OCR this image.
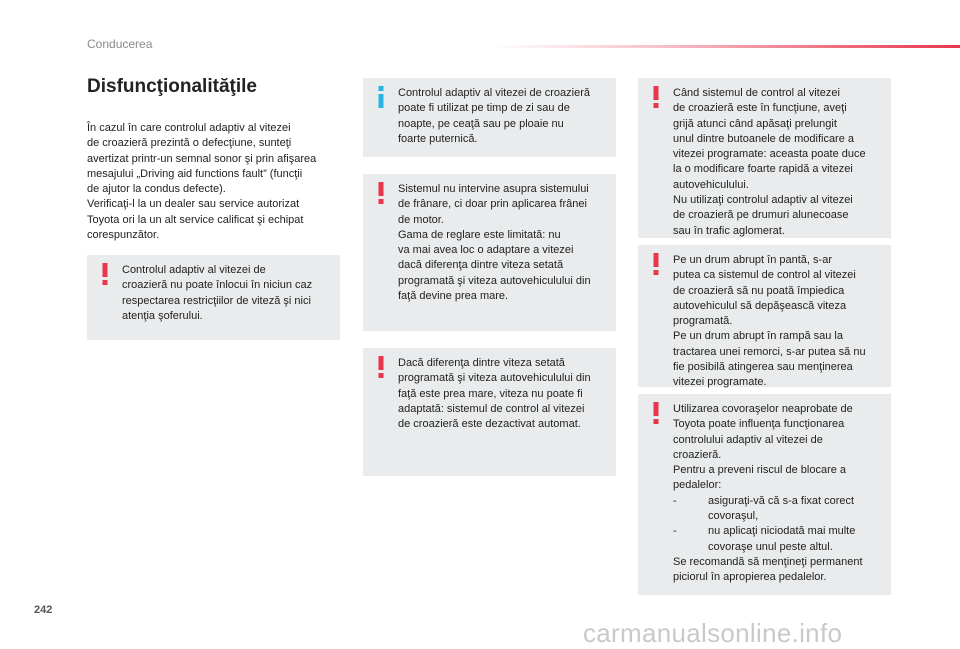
Conducerea
Disfuncţionalităţile
În cazul în care controlul adaptiv al vitezei
de croazieră prezintă o defecţiune, sunteţi
avertizat printr-un semnal sonor şi prin afişarea
mesajului „Driving aid functions fault” (funcţii
de ajutor la condus defecte).
Verificaţi-l la un dealer sau service autorizat
Toyota ori la un alt service calificat şi echipat
corespunzător.
Controlul adaptiv al vitezei de
croazieră nu poate înlocui în niciun caz
respectarea restricţiilor de viteză şi nici
atenţia şoferului.
Controlul adaptiv al vitezei de croazieră
poate fi utilizat pe timp de zi sau de
noapte, pe ceaţă sau pe ploaie nu
foarte puternică.
Sistemul nu intervine asupra sistemului
de frânare, ci doar prin aplicarea frânei
de motor.
Gama de reglare este limitată: nu
va mai avea loc o adaptare a vitezei
dacă diferenţa dintre viteza setată
programată şi viteza autovehiculului din
faţă devine prea mare.
Dacă diferenţa dintre viteza setată
programată şi viteza autovehiculului din
faţă este prea mare, viteza nu poate fi
adaptată: sistemul de control al vitezei
de croazieră este dezactivat automat.
Când sistemul de control al vitezei
de croazieră este în funcţiune, aveţi
grijă atunci când apăsaţi prelungit
unul dintre butoanele de modificare a
vitezei programate: aceasta poate duce
la o modificare foarte rapidă a vitezei
autovehiculului.
Nu utilizaţi controlul adaptiv al vitezei
de croazieră pe drumuri alunecoase
sau în trafic aglomerat.
Pe un drum abrupt în pantă, s-ar
putea ca sistemul de control al vitezei
de croazieră să nu poată împiedica
autovehiculul să depăşească viteza
programată.
Pe un drum abrupt în rampă sau la
tractarea unei remorci, s-ar putea să nu
fie posibilă atingerea sau menţinerea
vitezei programate.
Utilizarea covoraşelor neaprobate de
Toyota poate influenţa funcţionarea
controlului adaptiv al vitezei de
croazieră.
Pentru a preveni riscul de blocare a
pedalelor:
-	asiguraţi-vă că s-a fixat corect
covoraşul,
-	nu aplicaţi niciodată mai multe
covoraşe unul peste altul.
Se recomandă să menţineţi permanent
piciorul în apropierea pedalelor.
242
carmanualsonline.info
